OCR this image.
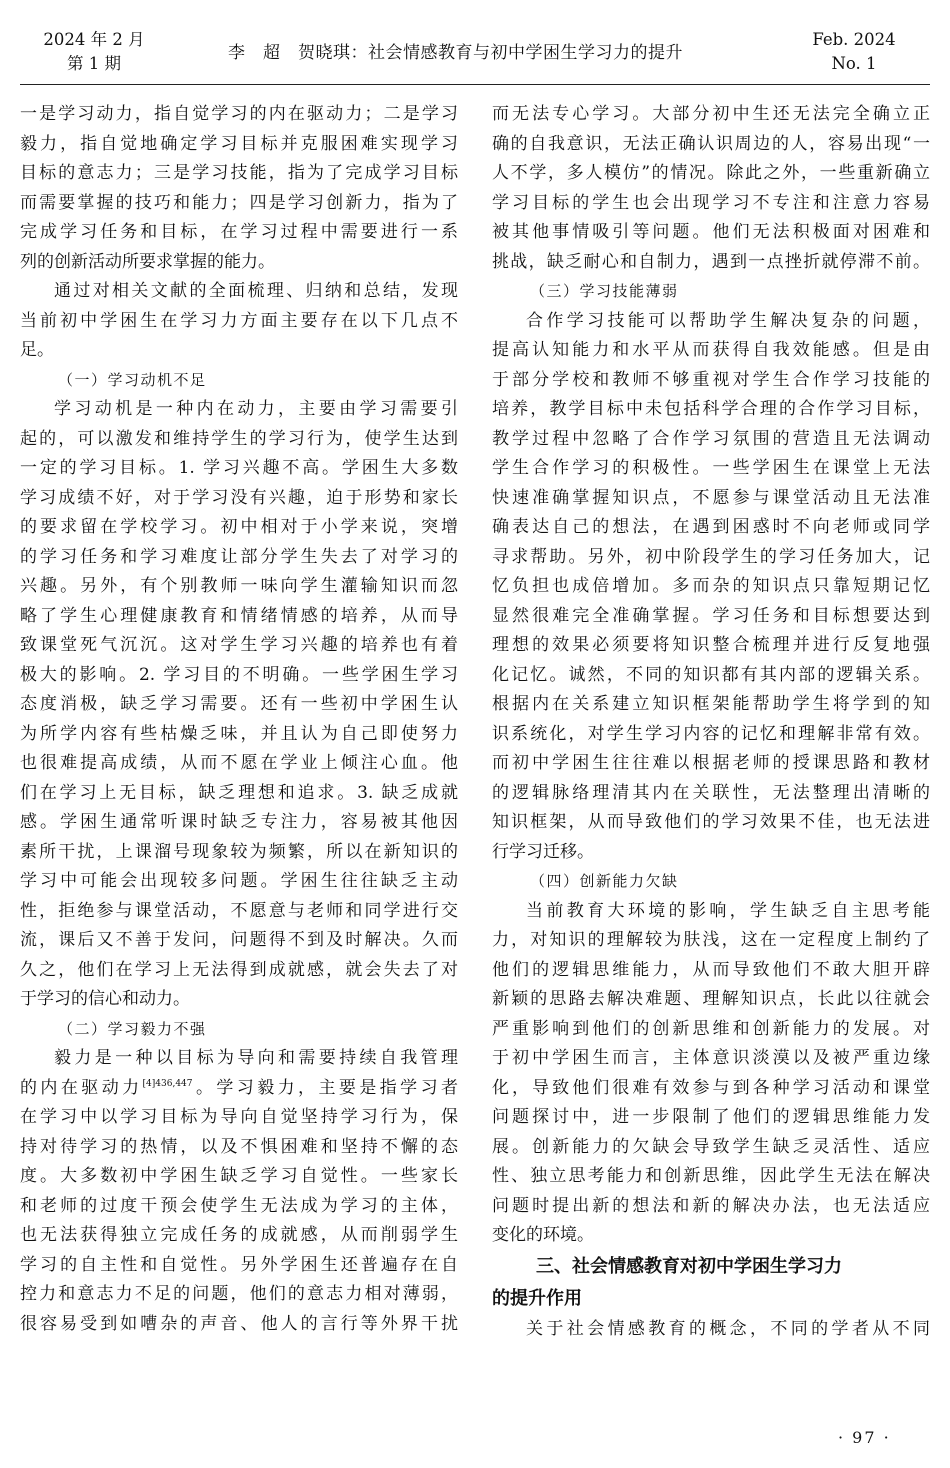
2024 年 2 月
第 1 期
李　超　贺晓琪：社会情感教育与初中学困生学习力的提升
Feb. 2024
No. 1
一是学习动力，指自觉学习的内在驱动力；二是学习
毅力，指自觉地确定学习目标并克服困难实现学习
目标的意志力；三是学习技能，指为了完成学习目标
而需要掌握的技巧和能力；四是学习创新力，指为了
完成学习任务和目标，在学习过程中需要进行一系
列的创新活动所要求掌握的能力。
通过对相关文献的全面梳理、归纳和总结，发现
当前初中学困生在学习力方面主要存在以下几点不
足。
（一）学习动机不足
学习动机是一种内在动力，主要由学习需要引
起的，可以激发和维持学生的学习行为，使学生达到
一定的学习目标。1. 学习兴趣不高。学困生大多数
学习成绩不好，对于学习没有兴趣，迫于形势和家长
的要求留在学校学习。初中相对于小学来说，突增
的学习任务和学习难度让部分学生失去了对学习的
兴趣。另外，有个别教师一味向学生灌输知识而忽
略了学生心理健康教育和情绪情感的培养，从而导
致课堂死气沉沉。这对学生学习兴趣的培养也有着
极大的影响。2. 学习目的不明确。一些学困生学习
态度消极，缺乏学习需要。还有一些初中学困生认
为所学内容有些枯燥乏味，并且认为自己即使努力
也很难提高成绩，从而不愿在学业上倾注心血。他
们在学习上无目标，缺乏理想和追求。3. 缺乏成就
感。学困生通常听课时缺乏专注力，容易被其他因
素所干扰，上课溜号现象较为频繁，所以在新知识的
学习中可能会出现较多问题。学困生往往缺乏主动
性，拒绝参与课堂活动，不愿意与老师和同学进行交
流，课后又不善于发问，问题得不到及时解决。久而
久之，他们在学习上无法得到成就感，就会失去了对
于学习的信心和动力。
（二）学习毅力不强
毅力是一种以目标为导向和需要持续自我管理
的内在驱动力$^{[4]436,447}$。学习毅力，主要是指学习者
在学习中以学习目标为导向自觉坚持学习行为，保
持对待学习的热情，以及不惧困难和坚持不懈的态
度。大多数初中学困生缺乏学习自觉性。一些家长
和老师的过度干预会使学生无法成为学习的主体，
也无法获得独立完成任务的成就感，从而削弱学生
学习的自主性和自觉性。另外学困生还普遍存在自
控力和意志力不足的问题，他们的意志力相对薄弱，
很容易受到如嘈杂的声音、他人的言行等外界干扰
而无法专心学习。大部分初中生还无法完全确立正
确的自我意识，无法正确认识周边的人，容易出现“一
人不学，多人模仿”的情况。除此之外，一些重新确立
学习目标的学生也会出现学习不专注和注意力容易
被其他事情吸引等问题。他们无法积极面对困难和
挑战，缺乏耐心和自制力，遇到一点挫折就停滞不前。
（三）学习技能薄弱
合作学习技能可以帮助学生解决复杂的问题，
提高认知能力和水平从而获得自我效能感。但是由
于部分学校和教师不够重视对学生合作学习技能的
培养，教学目标中未包括科学合理的合作学习目标，
教学过程中忽略了合作学习氛围的营造且无法调动
学生合作学习的积极性。一些学困生在课堂上无法
快速准确掌握知识点，不愿参与课堂活动且无法准
确表达自己的想法，在遇到困惑时不向老师或同学
寻求帮助。另外，初中阶段学生的学习任务加大，记
忆负担也成倍增加。多而杂的知识点只靠短期记忆
显然很难完全准确掌握。学习任务和目标想要达到
理想的效果必须要将知识整合梳理并进行反复地强
化记忆。诚然，不同的知识都有其内部的逻辑关系。
根据内在关系建立知识框架能帮助学生将学到的知
识系统化，对学生学习内容的记忆和理解非常有效。
而初中学困生往往难以根据老师的授课思路和教材
的逻辑脉络理清其内在关联性，无法整理出清晰的
知识框架，从而导致他们的学习效果不佳，也无法进
行学习迁移。
（四）创新能力欠缺
当前教育大环境的影响，学生缺乏自主思考能
力，对知识的理解较为肤浅，这在一定程度上制约了
他们的逻辑思维能力，从而导致他们不敢大胆开辟
新颖的思路去解决难题、理解知识点，长此以往就会
严重影响到他们的创新思维和创新能力的发展。对
于初中学困生而言，主体意识淡漠以及被严重边缘
化，导致他们很难有效参与到各种学习活动和课堂
问题探讨中，进一步限制了他们的逻辑思维能力发
展。创新能力的欠缺会导致学生缺乏灵活性、适应
性、独立思考能力和创新思维，因此学生无法在解决
问题时提出新的想法和新的解决办法，也无法适应
变化的环境。
三、社会情感教育对初中学困生学习力
的提升作用
关于社会情感教育的概念，不同的学者从不同
· 97 ·
